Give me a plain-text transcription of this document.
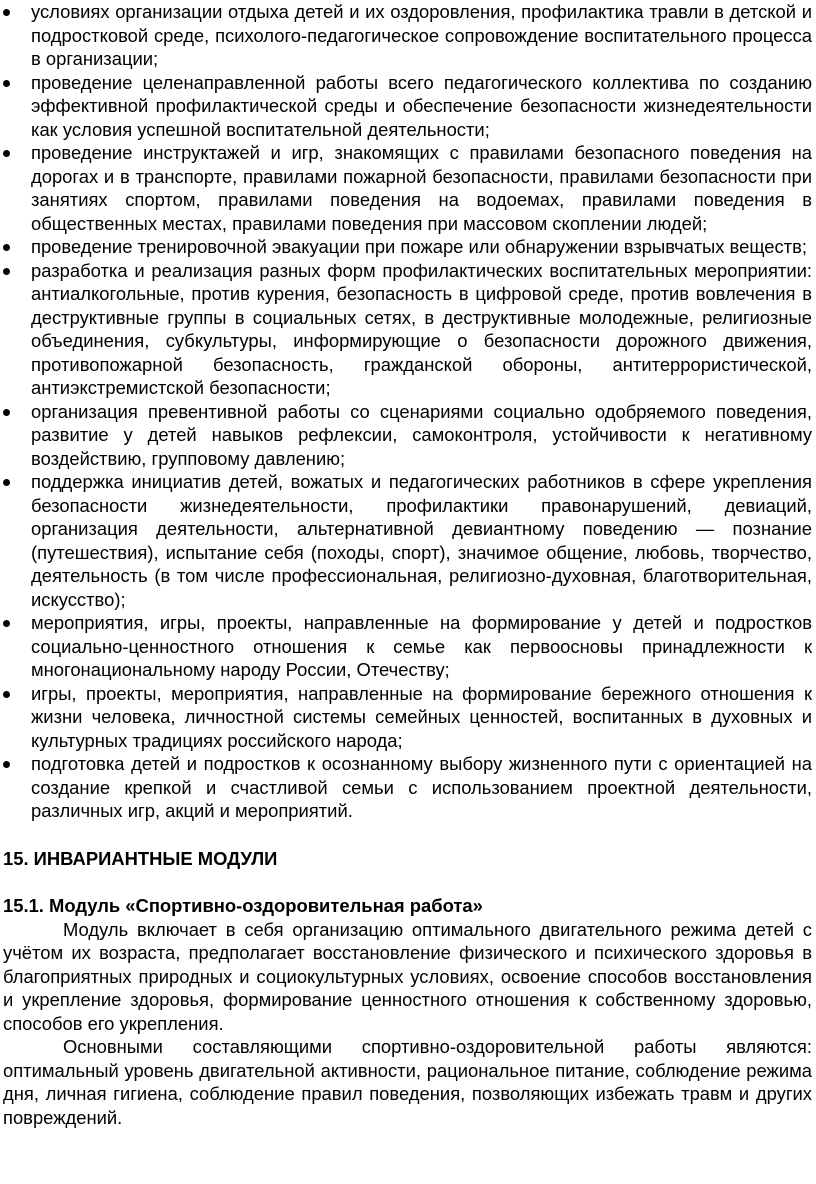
условиях организации отдыха детей и их оздоровления, профилактика травли в детской и подростковой среде, психолого-педагогическое сопровождение воспитательного процесса в организации;
проведение целенаправленной работы всего педагогического коллектива по созданию эффективной профилактической среды и обеспечение безопасности жизнедеятельности как условия успешной воспитательной деятельности;
проведение инструктажей и игр, знакомящих с правилами безопасного поведения на дорогах и в транспорте, правилами пожарной безопасности, правилами безопасности при занятиях спортом, правилами поведения на водоемах, правилами поведения в общественных местах, правилами поведения при массовом скоплении людей;
проведение тренировочной эвакуации при пожаре или обнаружении взрывчатых веществ;
разработка и реализация разных форм профилактических воспитательных мероприятии: антиалкогольные, против курения, безопасность в цифровой среде, против вовлечения в деструктивные группы в социальных сетях, в деструктивные молодежные, религиозные объединения, субкультуры, информирующие о безопасности дорожного движения, противопожарной безопасность, гражданской обороны, антитеррористической, антиэкстремистской безопасности;
организация превентивной работы со сценариями социально одобряемого поведения, развитие у детей навыков рефлексии, самоконтроля, устойчивости к негативному воздействию, групповому давлению;
поддержка инициатив детей, вожатых и педагогических работников в сфере укрепления безопасности жизнедеятельности, профилактики правонарушений, девиаций, организация деятельности, альтернативной девиантному поведению — познание (путешествия), испытание себя (походы, спорт), значимое общение, любовь, творчество, деятельность (в том числе профессиональная, религиозно-духовная, благотворительная, искусство);
мероприятия, игры, проекты, направленные на формирование у детей и подростков социально-ценностного отношения к семье как первоосновы принадлежности к многонациональному народу России, Отечеству;
игры, проекты, мероприятия, направленные на формирование бережного отношения к жизни человека, личностной системы семейных ценностей, воспитанных в духовных и культурных традициях российского народа;
подготовка детей и подростков к осознанному выбору жизненного пути с ориентацией на создание крепкой и счастливой семьи с использованием проектной деятельности, различных игр, акций и мероприятий.
15. ИНВАРИАНТНЫЕ МОДУЛИ
15.1. Модуль «Спортивно-оздоровительная работа»

Модуль включает в себя организацию оптимального двигательного режима детей с учётом их возраста, предполагает восстановление физического и психического здоровья в благоприятных природных и социокультурных условиях, освоение способов восстановления и укрепление здоровья, формирование ценностного отношения к собственному здоровью, способов его укрепления.

Основными составляющими спортивно-оздоровительной работы являются: оптимальный уровень двигательной активности, рациональное питание, соблюдение режима дня, личная гигиена, соблюдение правил поведения, позволяющих избежать травм и других повреждений.
